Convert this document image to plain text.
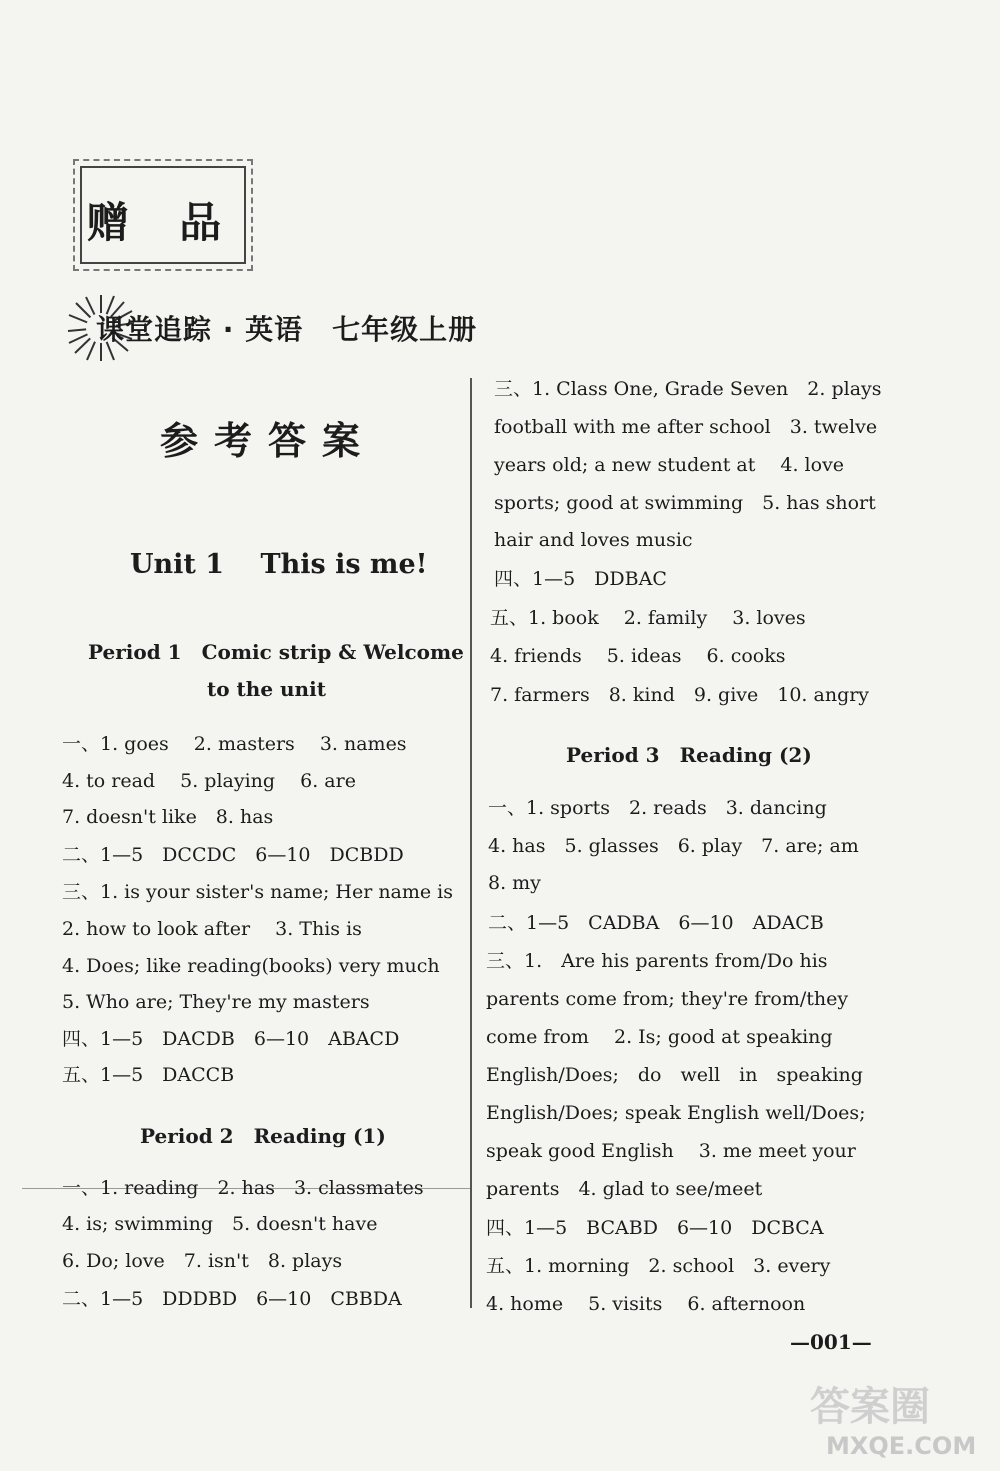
赠 品
课堂追踪 · 英语　七年级上册
参考答案
Unit 1　 This is me!
Period 1　Comic strip & Welcome
to the unit
一、1. goes　 2. masters　 3. names
4. to read　 5. playing　 6. are
7. doesn't like　8. has
二、1—5　DCCDC　6—10　DCBDD
三、1. is your sister's name; Her name is
2. how to look after　 3. This is
4. Does; like reading(books) very much
5. Who are; They're my masters
四、1—5　DACDB　6—10　ABACD
五、1—5　DACCB
Period 2　Reading (1)
一、1. reading　2. has　3. classmates
4. is; swimming　5. doesn't have
6. Do; love　7. isn't　8. plays
二、1—5　DDDBD　6—10　CBBDA
三、1. Class One, Grade Seven　2. plays
football with me after school　3. twelve
years old; a new student at　 4. love
sports; good at swimming　5. has short
hair and loves music
四、1—5　DDBAC
五、1. book　 2. family　 3. loves
4. friends　 5. ideas　 6. cooks
7. farmers　8. kind　9. give　10. angry
Period 3　Reading (2)
一、1. sports　2. reads　3. dancing
4. has　5. glasses　6. play　7. are; am
8. my
二、1—5　CADBA　6—10　ADACB
三、1.　Are his parents from/Do his
parents come from; they're from/they
come from　 2. Is; good at speaking
English/Does;　do　well　in　speaking
English/Does; speak English well/Does;
speak good English　 3. me meet your
parents　4. glad to see/meet
四、1—5　BCABD　6—10　DCBCA
五、1. morning　2. school　3. every
4. home　 5. visits　 6. afternoon
—001—
答案圈
MXQE.COM
